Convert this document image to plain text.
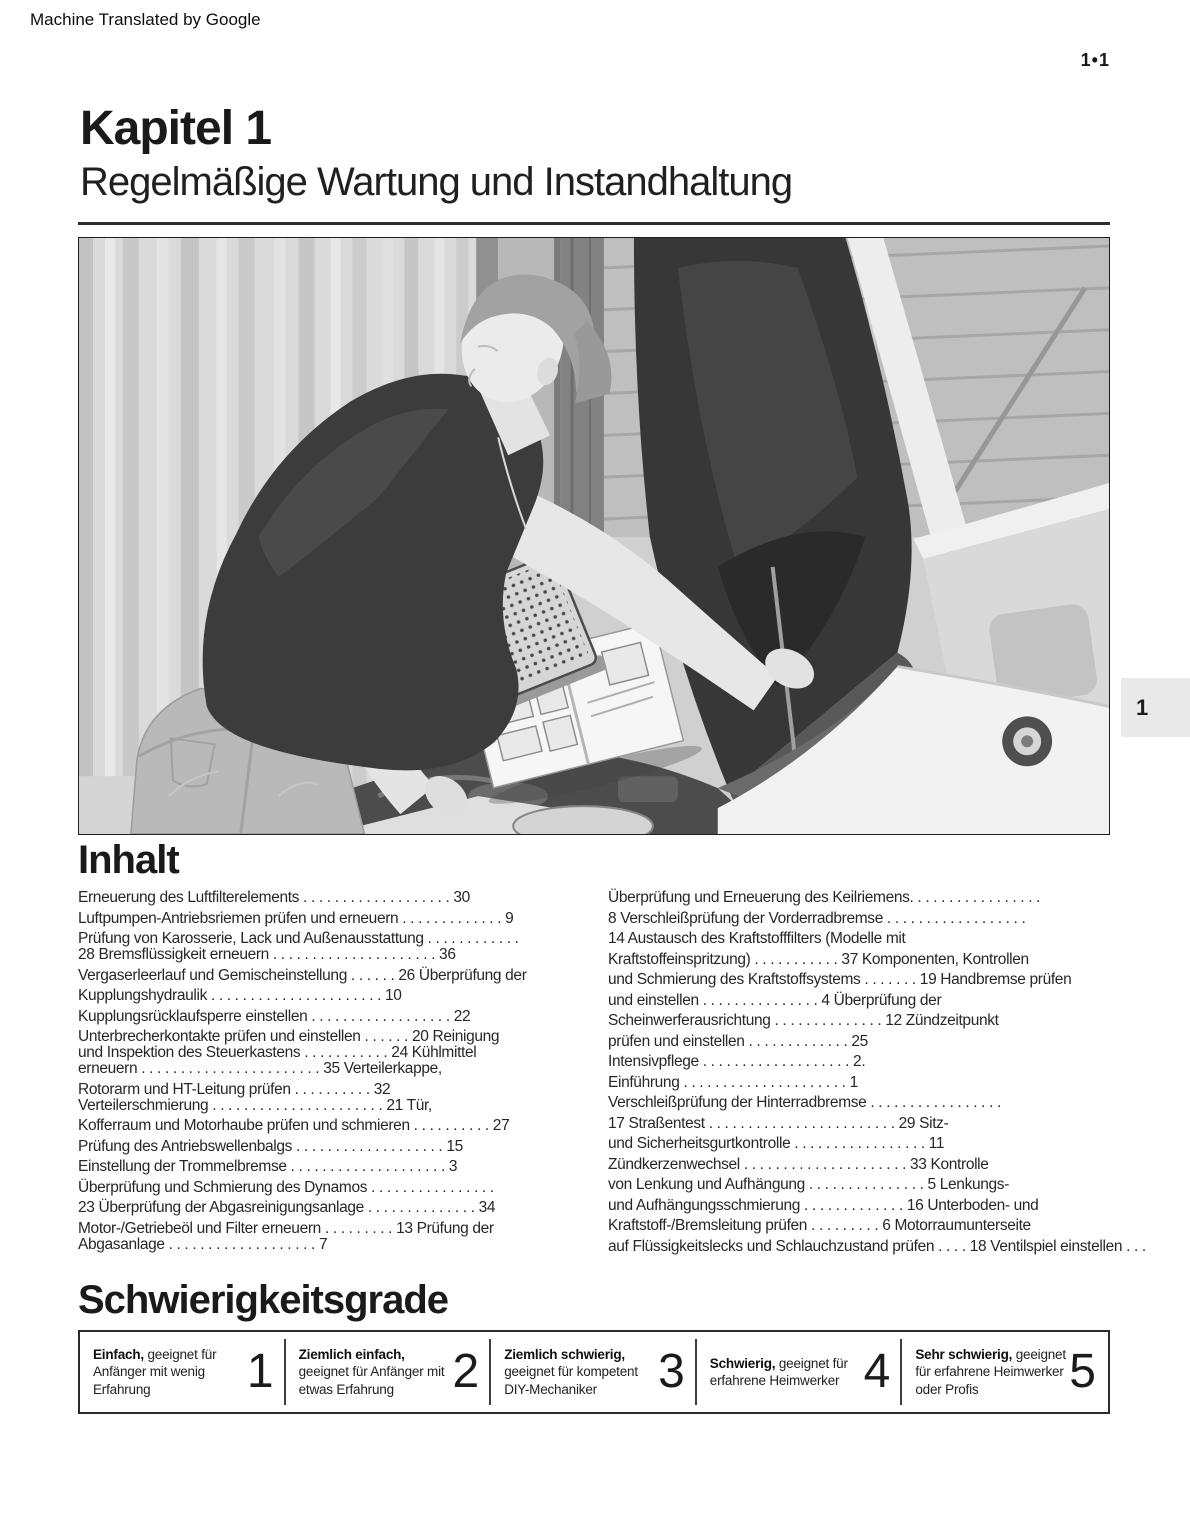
Machine Translated by Google
1•1
Kapitel 1
Regelmäßige Wartung und Instandhaltung
1
Inhalt
Erneuerung des Luftfilterelements . . . . . . . . . . . . . . . . . . . 30
Luftpumpen-Antriebsriemen prüfen und erneuern . . . . . . . . . . . . . 9
Prüfung von Karosserie, Lack und Außenausstattung . . . . . . . . . . . .
28 Bremsflüssigkeit erneuern . . . . . . . . . . . . . . . . . . . . . 36
Vergaserleerlauf und Gemischeinstellung . . . . . . 26 Überprüfung der
Kupplungshydraulik . . . . . . . . . . . . . . . . . . . . . . 10
Kupplungsrücklaufsperre einstellen . . . . . . . . . . . . . . . . . . 22
Unterbrecherkontakte prüfen und einstellen . . . . . . 20 Reinigung
und Inspektion des Steuerkastens . . . . . . . . . . . 24 Kühlmittel
erneuern . . . . . . . . . . . . . . . . . . . . . . . 35 Verteilerkappe,
Rotorarm und HT-Leitung prüfen . . . . . . . . . . 32
Verteilerschmierung . . . . . . . . . . . . . . . . . . . . . . 21 Tür,
Kofferraum und Motorhaube prüfen und schmieren . . . . . . . . . . 27
Prüfung des Antriebswellenbalgs . . . . . . . . . . . . . . . . . . . 15
Einstellung der Trommelbremse . . . . . . . . . . . . . . . . . . . . 3
Überprüfung und Schmierung des Dynamos . . . . . . . . . . . . . . . .
23 Überprüfung der Abgasreinigungsanlage . . . . . . . . . . . . . . 34
Motor-/Getriebeöl und Filter erneuern . . . . . . . . . 13 Prüfung der
Abgasanlage . . . . . . . . . . . . . . . . . . . 7
Überprüfung und Erneuerung des Keilriemens. . . . . . . . . . . . . . . . .
8 Verschleißprüfung der Vorderradbremse . . . . . . . . . . . . . . . . . .
14 Austausch des Kraftstofffilters (Modelle mit
Kraftstoffeinspritzung) . . . . . . . . . . . 37 Komponenten, Kontrollen
und Schmierung des Kraftstoffsystems . . . . . . . 19 Handbremse prüfen
und einstellen . . . . . . . . . . . . . . . 4 Überprüfung der
Scheinwerferausrichtung . . . . . . . . . . . . . . 12 Zündzeitpunkt
prüfen und einstellen . . . . . . . . . . . . . 25
Intensivpflege . . . . . . . . . . . . . . . . . . . 2.
Einführung . . . . . . . . . . . . . . . . . . . . . 1
Verschleißprüfung der Hinterradbremse . . . . . . . . . . . . . . . . .
17 Straßentest . . . . . . . . . . . . . . . . . . . . . . . . 29 Sitz-
und Sicherheitsgurtkontrolle . . . . . . . . . . . . . . . . . 11
Zündkerzenwechsel . . . . . . . . . . . . . . . . . . . . . 33 Kontrolle
von Lenkung und Aufhängung . . . . . . . . . . . . . . . 5 Lenkungs-
und Aufhängungsschmierung . . . . . . . . . . . . . 16 Unterboden- und
Kraftstoff-/Bremsleitung prüfen . . . . . . . . . 6 Motorraumunterseite
auf Flüssigkeitslecks und Schlauchzustand prüfen . . . . 18 Ventilspiel einstellen . . .
Schwierigkeitsgrade
Einfach, geeignet für Anfänger mit wenig Erfahrung	1 Ziemlich einfach, geeignet für Anfänger mit etwas Erfahrung	2 Ziemlich schwierig, geeignet für kompetent DIY-Mechaniker	3 Schwierig, geeignet für erfahrene Heimwerker 4 Sehr schwierig, geeignet für erfahrene Heimwerker oder Profis	5
